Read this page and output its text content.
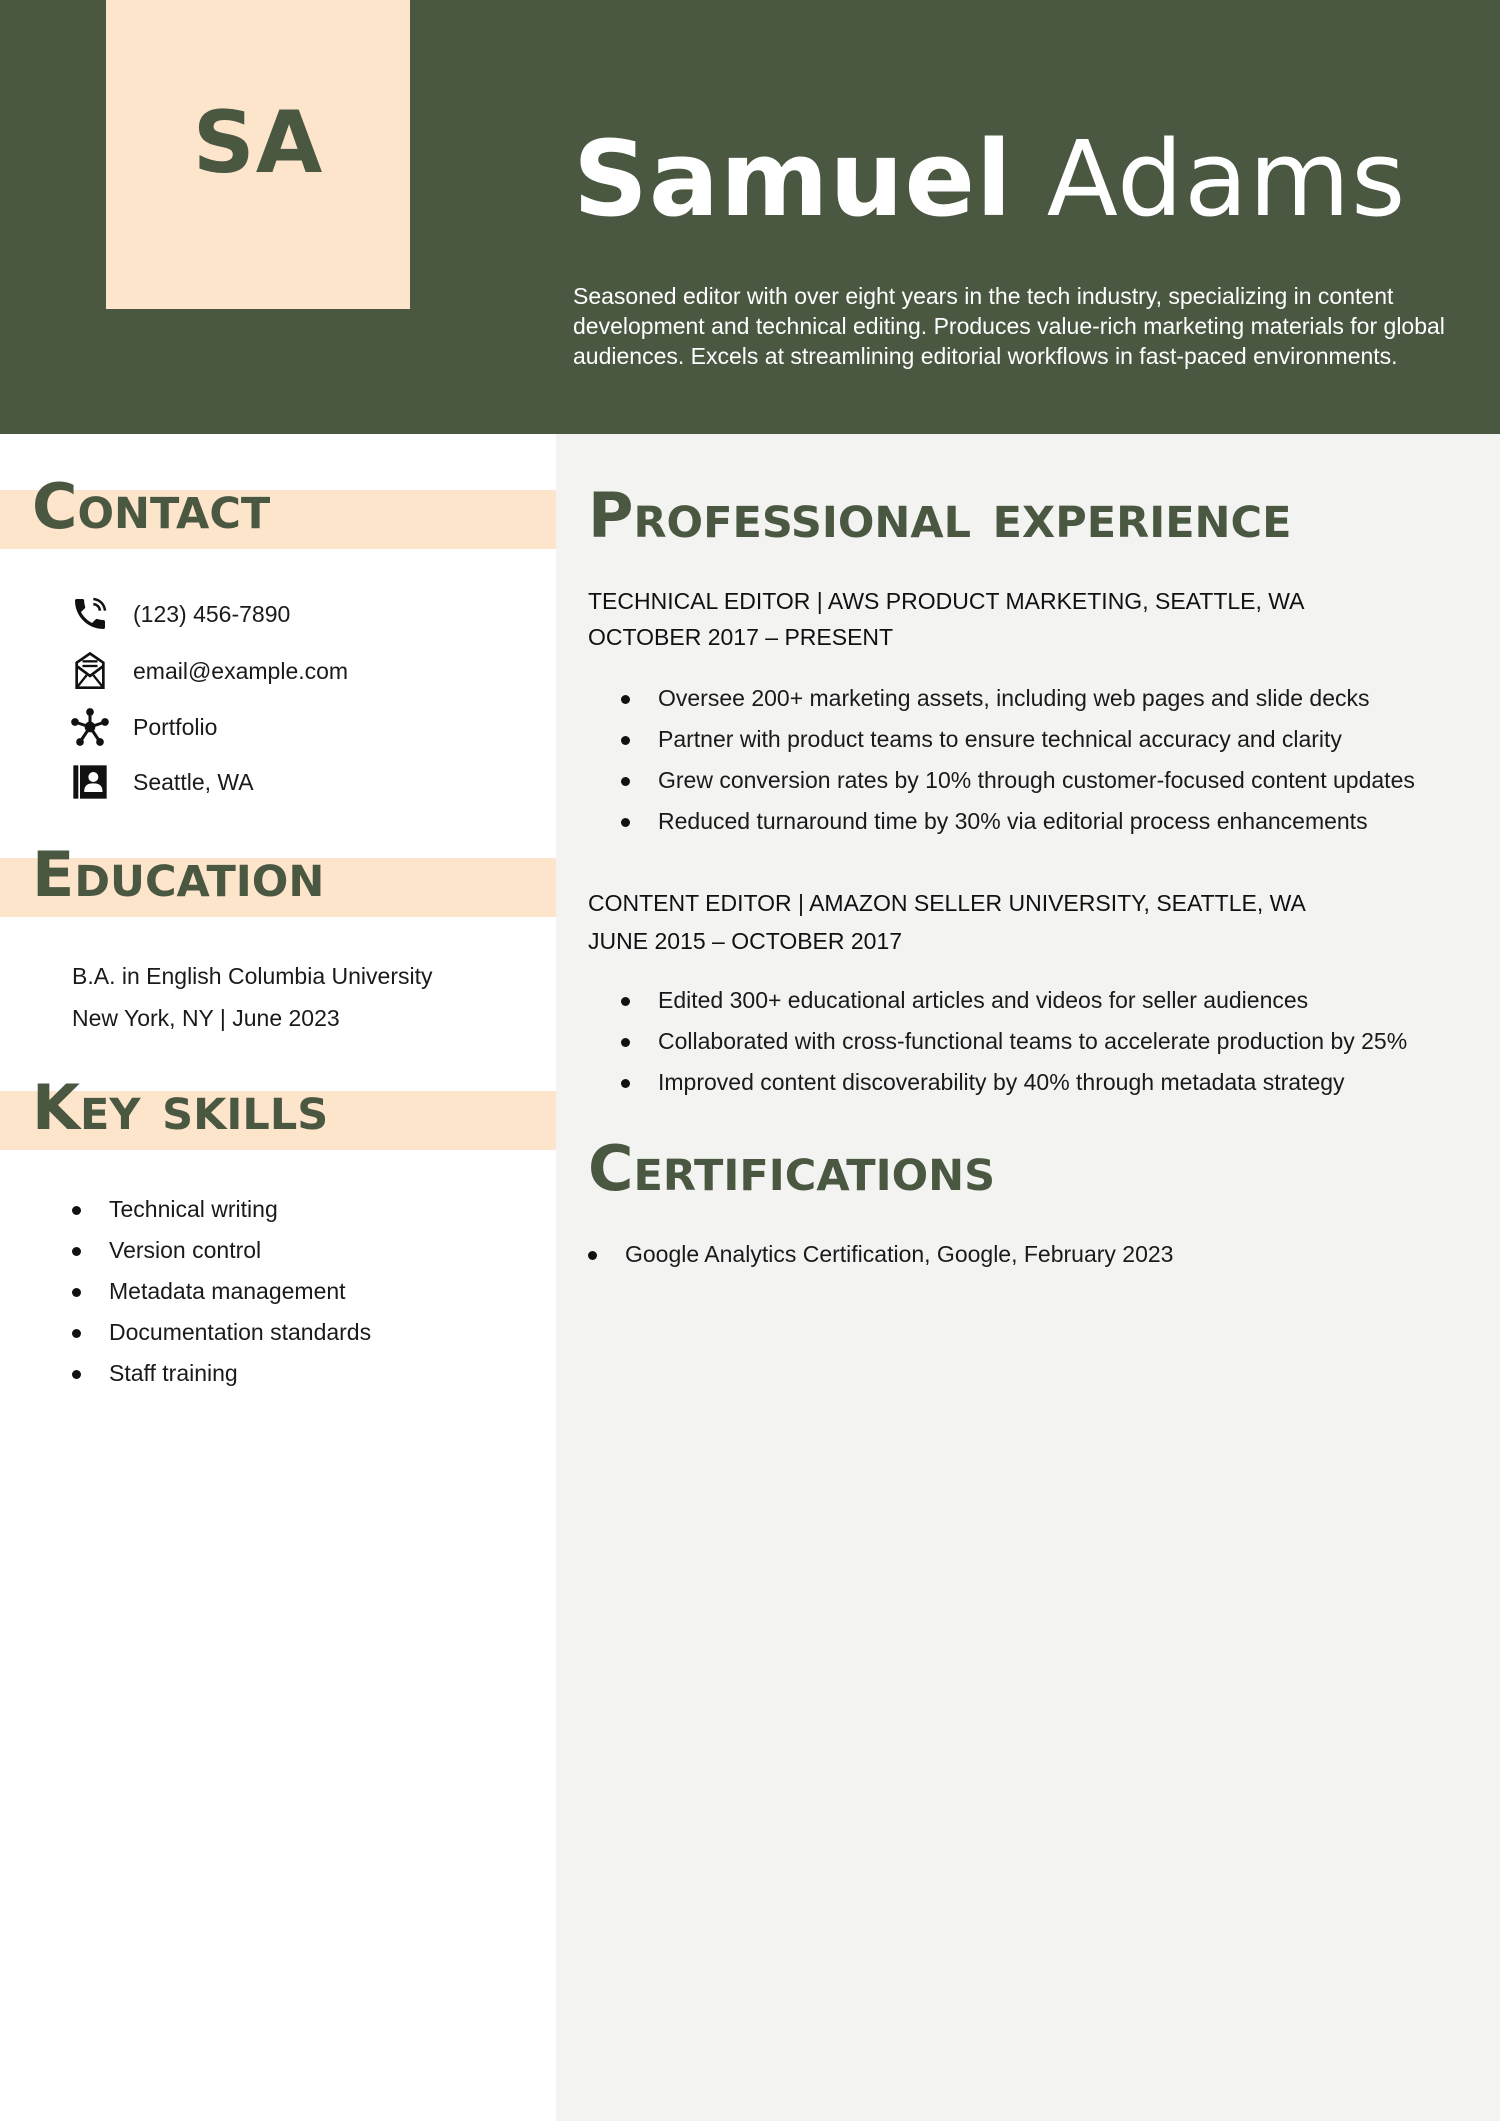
SA Samuel Adams
Seasoned editor with over eight years in the tech industry, specializing in content development and technical editing. Produces value-rich marketing materials for global audiences. Excels at streamlining editorial workflows in fast-paced environments.
Contact
(123) 456-7890
email@example.com
Portfolio
Seattle, WA
Education
B.A. in English Columbia University
New York, NY | June 2023
Key skills
Technical writing
Version control
Metadata management
Documentation standards
Staff training
Professional experience
TECHNICAL EDITOR | AWS PRODUCT MARKETING, SEATTLE, WA
OCTOBER 2017 – PRESENT
Oversee 200+ marketing assets, including web pages and slide decks
Partner with product teams to ensure technical accuracy and clarity
Grew conversion rates by 10% through customer-focused content updates
Reduced turnaround time by 30% via editorial process enhancements
CONTENT EDITOR | AMAZON SELLER UNIVERSITY, SEATTLE, WA
JUNE 2015 – OCTOBER 2017
Edited 300+ educational articles and videos for seller audiences
Collaborated with cross-functional teams to accelerate production by 25%
Improved content discoverability by 40% through metadata strategy
Certifications
Google Analytics Certification, Google, February 2023
